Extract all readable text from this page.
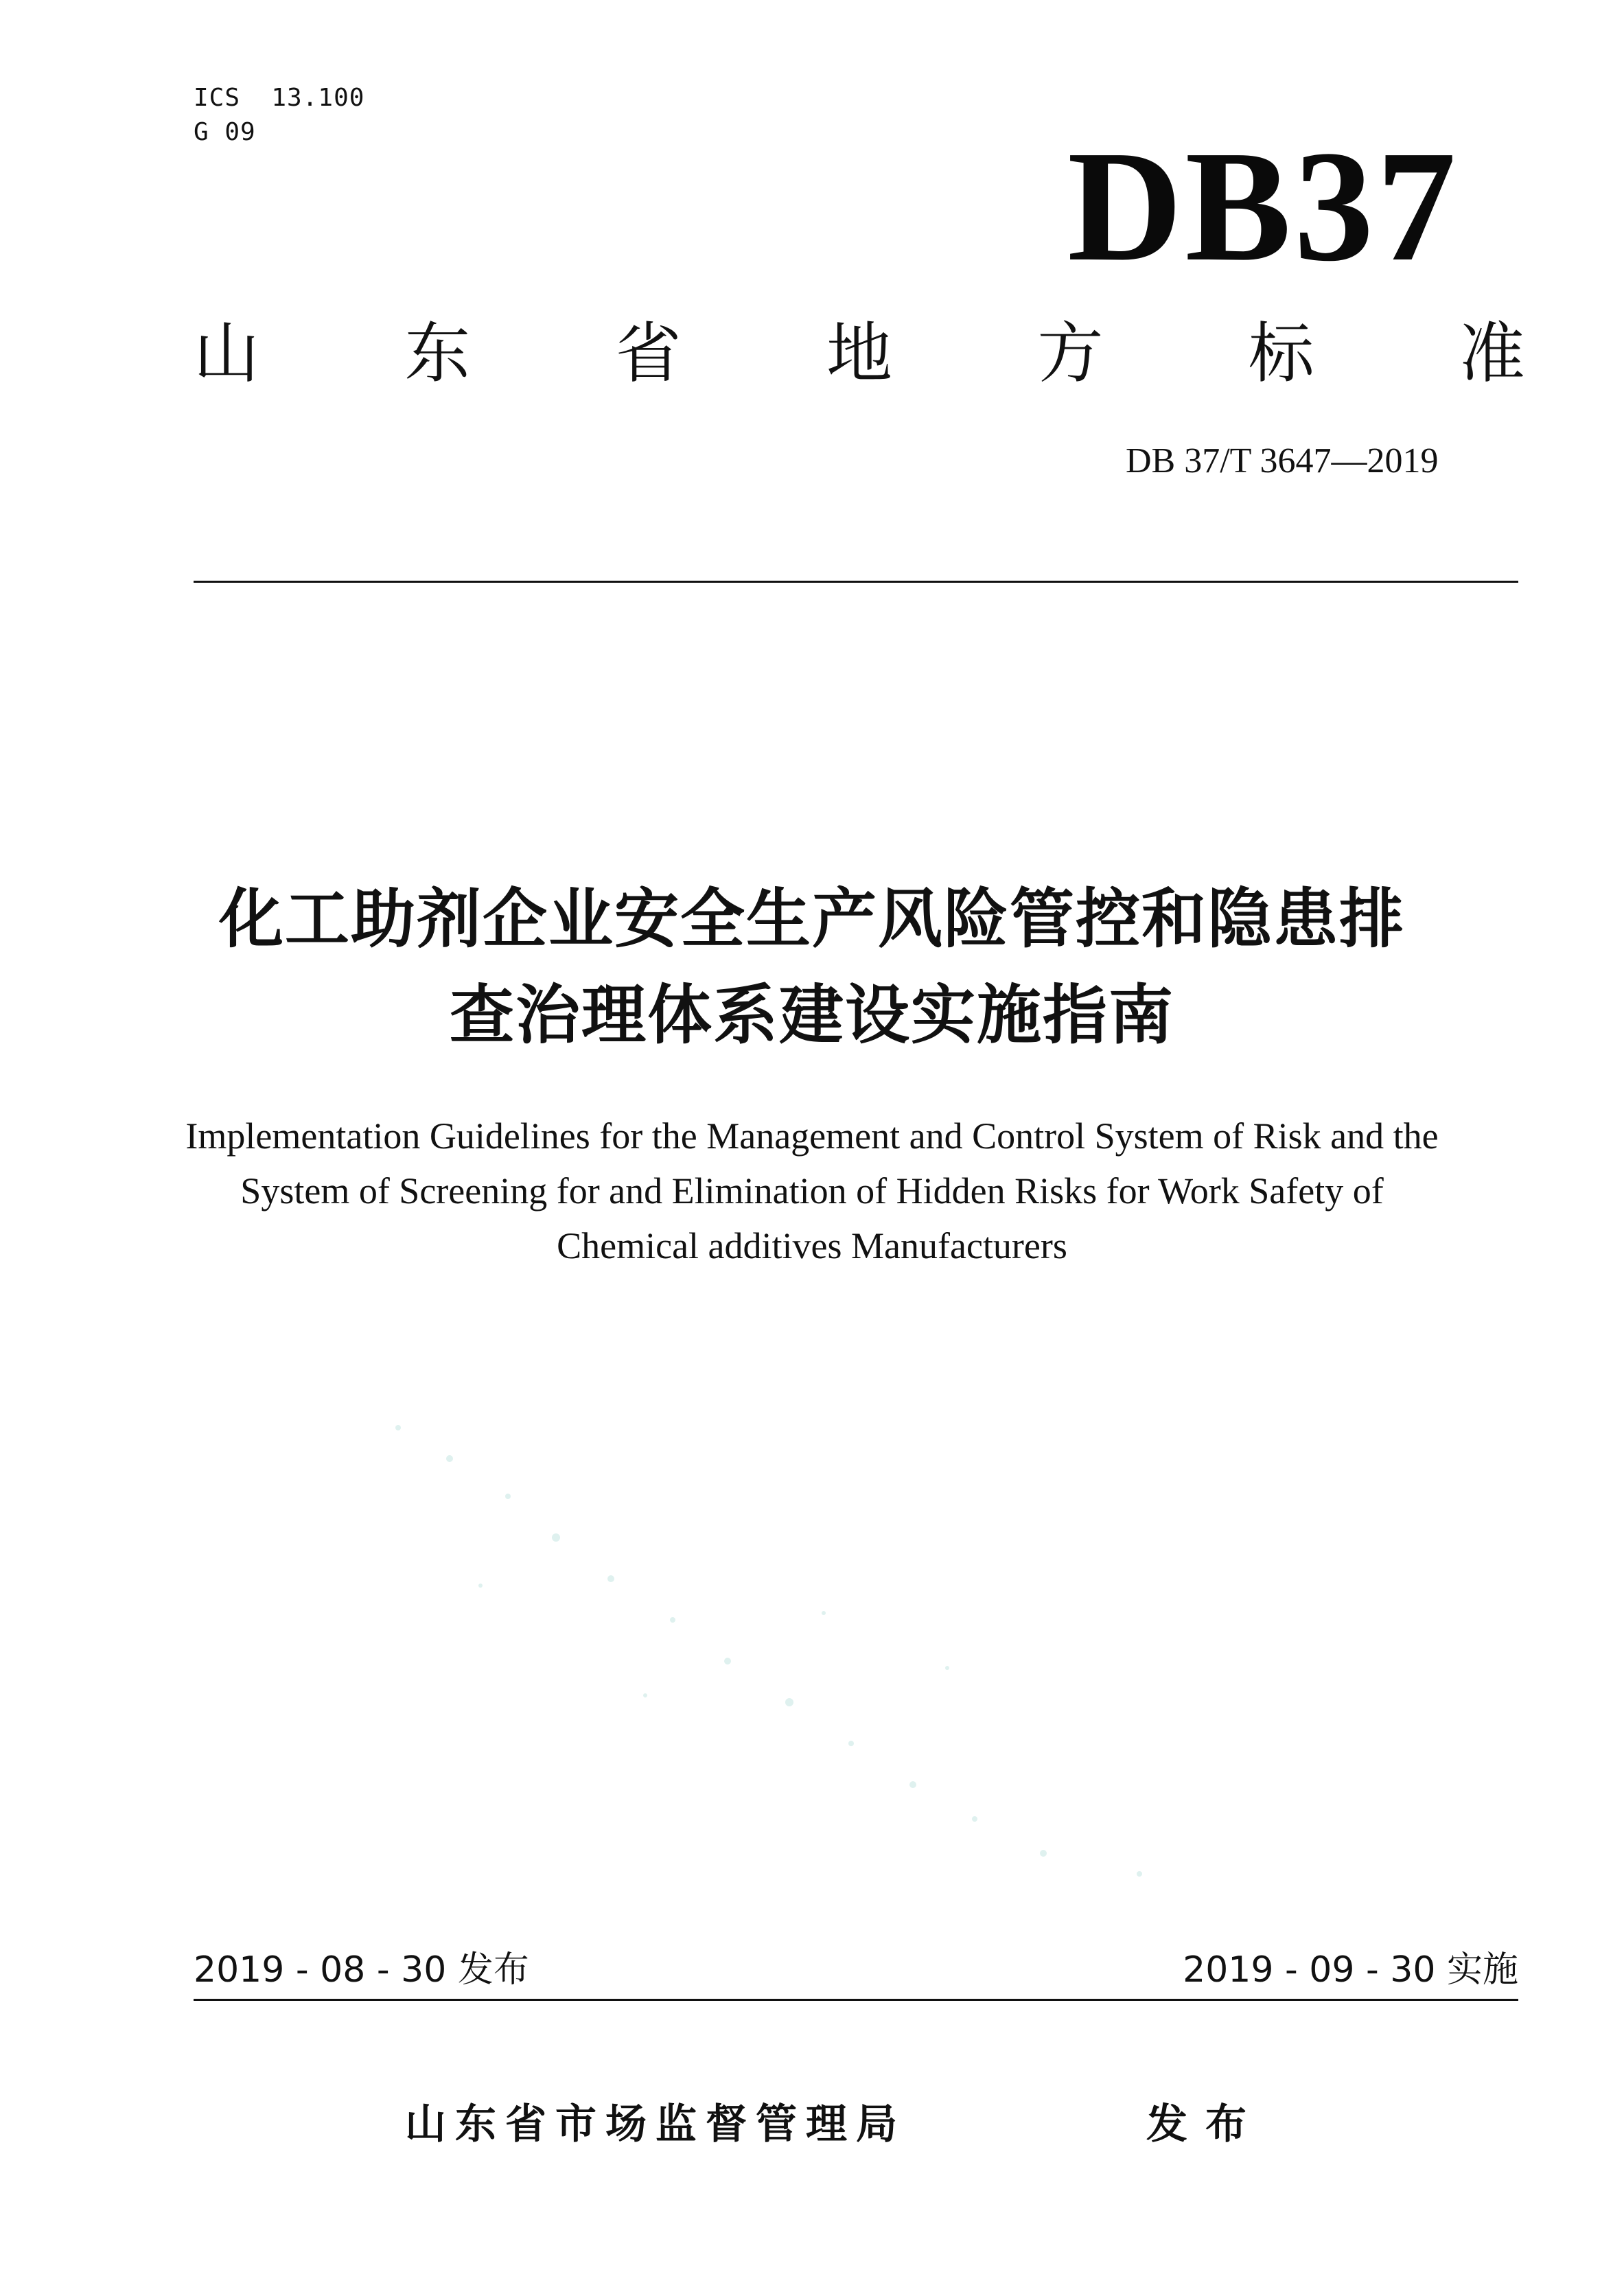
ICS  13.100
G 09	DB37
山 东 省 地 方 标 准
DB 37/T 3647—2019
化工助剂企业安全生产风险管控和隐患排
查治理体系建设实施指南
Implementation Guidelines for the Management and Control System of Risk and the
System of Screening for and Elimination of Hidden Risks for Work Safety of
Chemical additives Manufacturers
2019 - 08 - 30 发布	2019 - 09 - 30 实施
山东省市场监督管理局	发布
